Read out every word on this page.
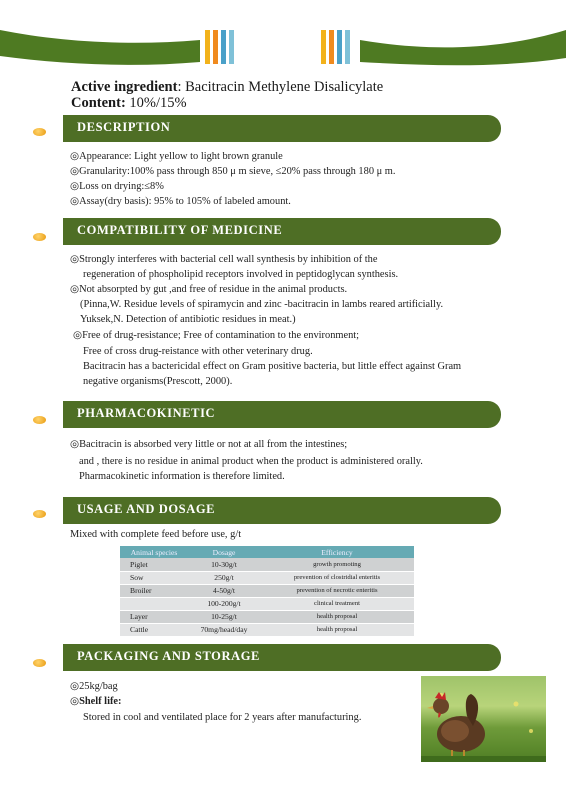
Active ingredient: Bacitracin Methylene Disalicylate
Content: 10%/15%
DESCRIPTION
◎Appearance: Light yellow to light brown granule
◎Granularity:100% pass through 850 μ m sieve, ≤20% pass through 180 μ m.
◎Loss on drying:≤8%
◎Assay(dry basis): 95% to 105% of labeled amount.
COMPATIBILITY OF MEDICINE
◎Strongly interferes with bacterial cell wall synthesis by inhibition of the
regeneration of phospholipid receptors involved in peptidoglycan synthesis.
◎Not absorpted by gut ,and free of residue in the animal products.
(Pinna,W. Residue levels of spiramycin and zinc -bacitracin in lambs reared artificially.
Yuksek,N. Detection of antibiotic residues in meat.)
◎Free of drug-resistance; Free of contamination to the environment;
Free of cross drug-reistance with other veterinary drug.
Bacitracin has a bactericidal effect on Gram positive bacteria, but little effect against Gram
negative organisms(Prescott, 2000).
PHARMACOKINETIC
◎Bacitracin is absorbed very little or not at all from the intestines;
and , there is no residue in animal product when the product is administered orally.
Pharmacokinetic information is therefore limited.
USAGE AND DOSAGE
Mixed with complete feed before use, g/t
Animal species	Dosage	Efficiency
Piglet	10-30g/t	growth promoting
Sow	250g/t	prevention of clostridial enteritis
Broiler	4-50g/t	prevention of necrotic enteritis
	100-200g/t	clinical treatment
Layer	10-25g/t	health proposal
Cattle	70mg/head/day	health proposal
PACKAGING AND STORAGE
◎25kg/bag
◎Shelf life:
Stored in cool and ventilated place for 2 years after manufacturing.
